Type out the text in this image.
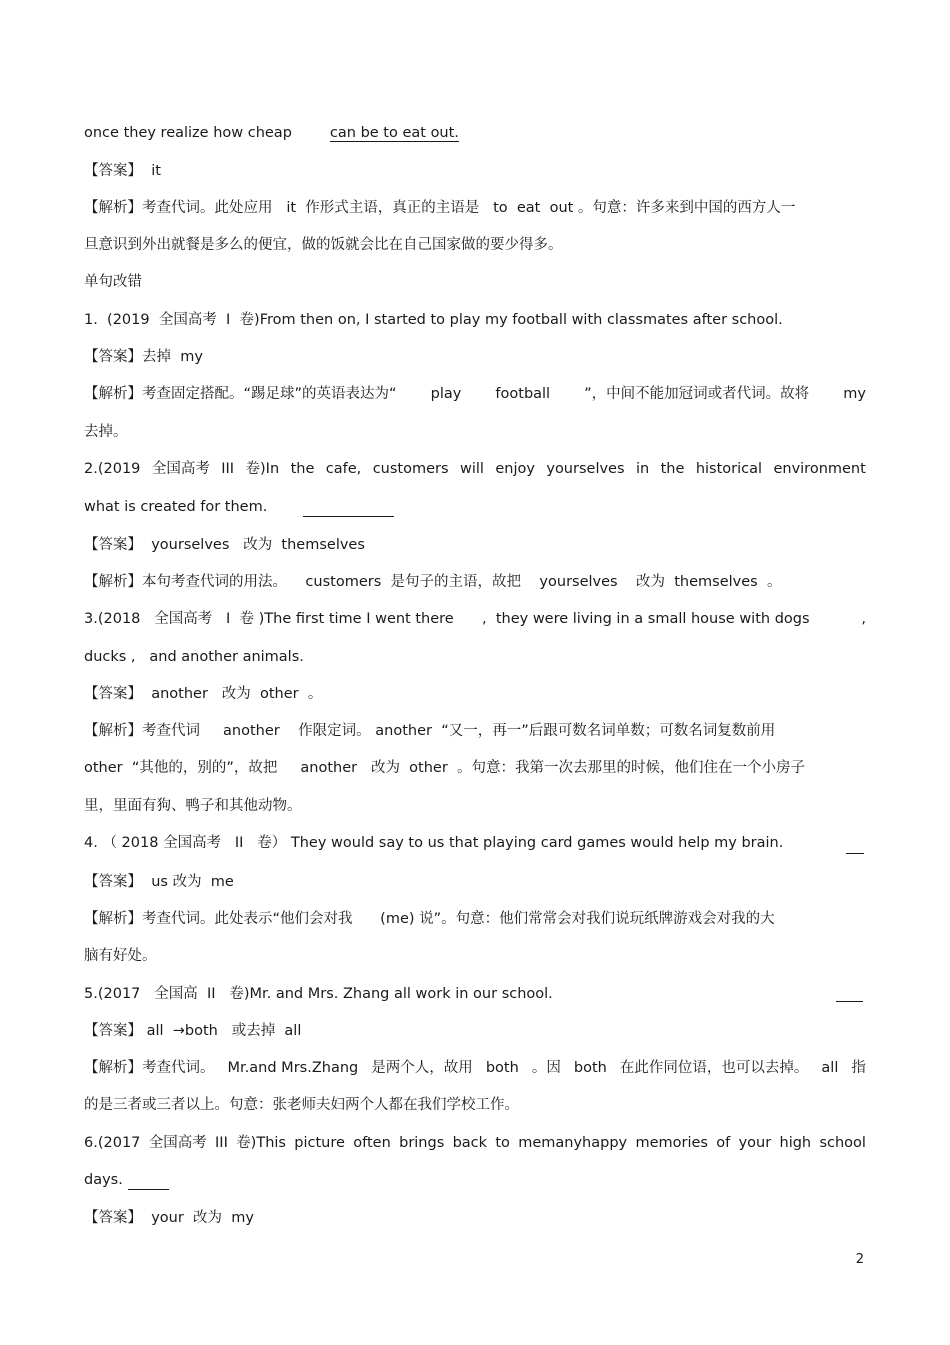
once they realize how cheap	can be to eat out.
【答案】  it
【解析】考查代词。此处应用   it  作形式主语，真正的主语是   to  eat  out 。句意：许多来到中国的西方人一
旦意识到外出就餐是多么的便宜，做的饭就会比在自己国家做的要少得多。
单句改错
1.  (2019  全国高考  I  卷)From then on, I started to play my football with classmates after school.
【答案】去掉  my
【解析】考查固定搭配。“踢足球”的英语表达为“ play football ”，中间不能加冠词或者代词。故将 my
去掉。
2.(2019 全国高考 III 卷)In the cafe, customers will enjoy yourselves in the historical environment
what is created for them.
【答案】  yourselves   改为  themselves
【解析】本句考查代词的用法。    customers  是句子的主语，故把    yourselves    改为  themselves  。
3.(2018   全国高考   I  卷 )The first time I went there ,  they were living in a small house with dogs	,
ducks ,   and another animals.
【答案】  another   改为  other  。
【解析】考查代词     another    作限定词。 another  “又一，再一”后跟可数名词单数；可数名词复数前用
other  “其他的，别的”，故把     another   改为  other  。句意：我第一次去那里的时候，他们住在一个小房子
里，里面有狗、鸭子和其他动物。
4. （ 2018 全国高考   II   卷） They would say to us that playing card games would help my brain.
【答案】  us 改为  me
【解析】考查代词。此处表示“他们会对我      (me) 说”。句意：他们常常会对我们说玩纸牌游戏会对我的大
脑有好处。
5.(2017   全国高  II   卷)Mr. and Mrs. Zhang all work in our school.
【答案】 all  →both   或去掉  all
【解析】考查代词。 Mr.and Mrs.Zhang 是两个人，故用 both 。因 both 在此作同位语，也可以去掉。 all 指
的是三者或三者以上。句意：张老师夫妇两个人都在我们学校工作。
6.(2017 全国高考 III 卷)This picture often brings back to memanyhappy memories of your high school
days.
【答案】  your  改为  my
2
